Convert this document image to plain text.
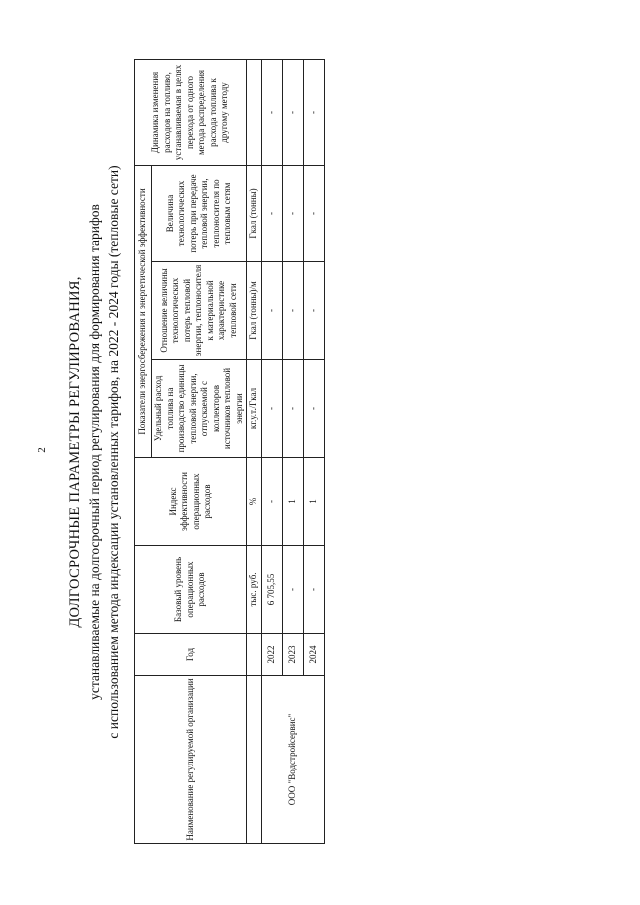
2 ДОЛГОСРОЧНЫЕ ПАРАМЕТРЫ РЕГУЛИРОВАНИЯ, устанавливаемые на долгосрочный период регулирования для формирования тарифов с использованием метода индексации установленных тарифов, на 2022 - 2024 годы (тепловые сети)
Наименование регулируемой организации	Год	Базовый уровень операционных расходов	Индекс эффективности операционных расходов	Показатели энергосбережения и энергетической эффективности			Динамика изменения расходов на топливо, устанавливаемая в целях перехода от одного метода распределения расхода топлива к другому методу
				Удельный расход топлива на производство единицы тепловой энергии, отпускаемой с коллекторов источников тепловой энергии	Отношение величины технологических потерь тепловой энергии, теплоносителя к материальной характеристике тепловой сети	Величина технологических потерь при передаче тепловой энергии, теплоносителя по тепловым сетям	
		тыс. руб.	%	кг.у.т./Гкал	Гкал (тонны)/м	Гкал (тонны)	
ООО "Водстройсервис"	2022	6 705,55	-	-	-	-	-
	2023	-	1	-	-	-	-
	2024	-	1	-	-	-	-
